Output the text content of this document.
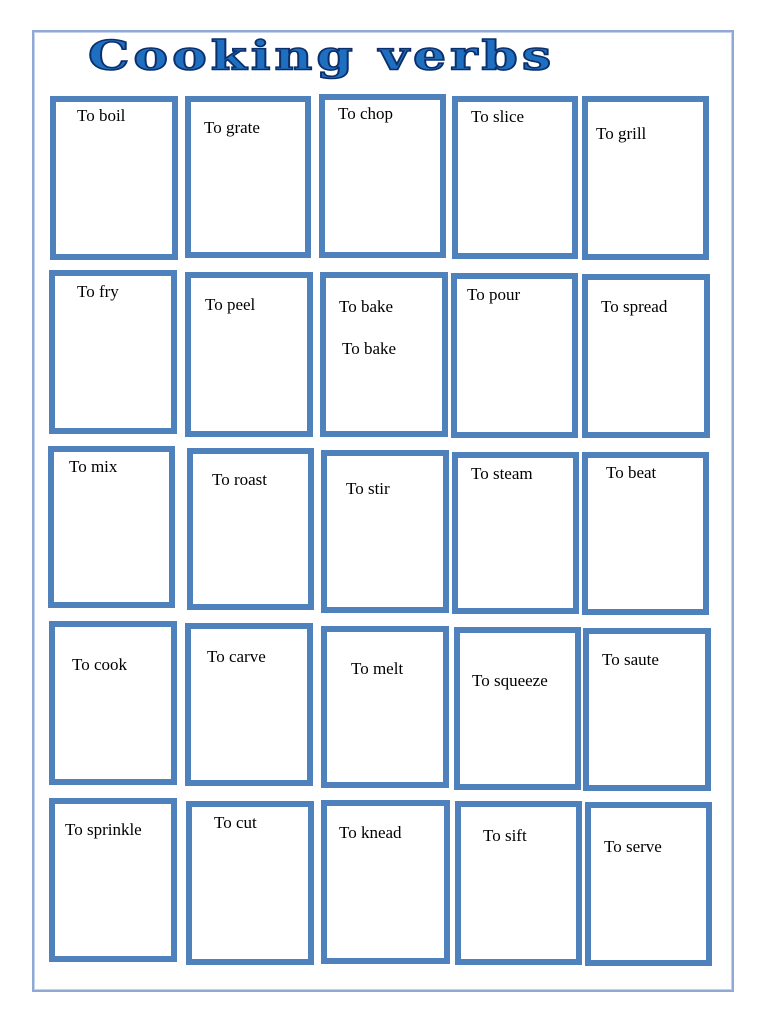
Cooking verbs
To boil
To grate
To chop	To slice
To grill
To fry
To peel	To bake
To bake
To pour
To spread
To mix
To roast	To stir
To steam	To beat
To cook	To carve
To melt
To squeeze
To saute
To sprinkle	To cut
To knead	To sift
To serve
